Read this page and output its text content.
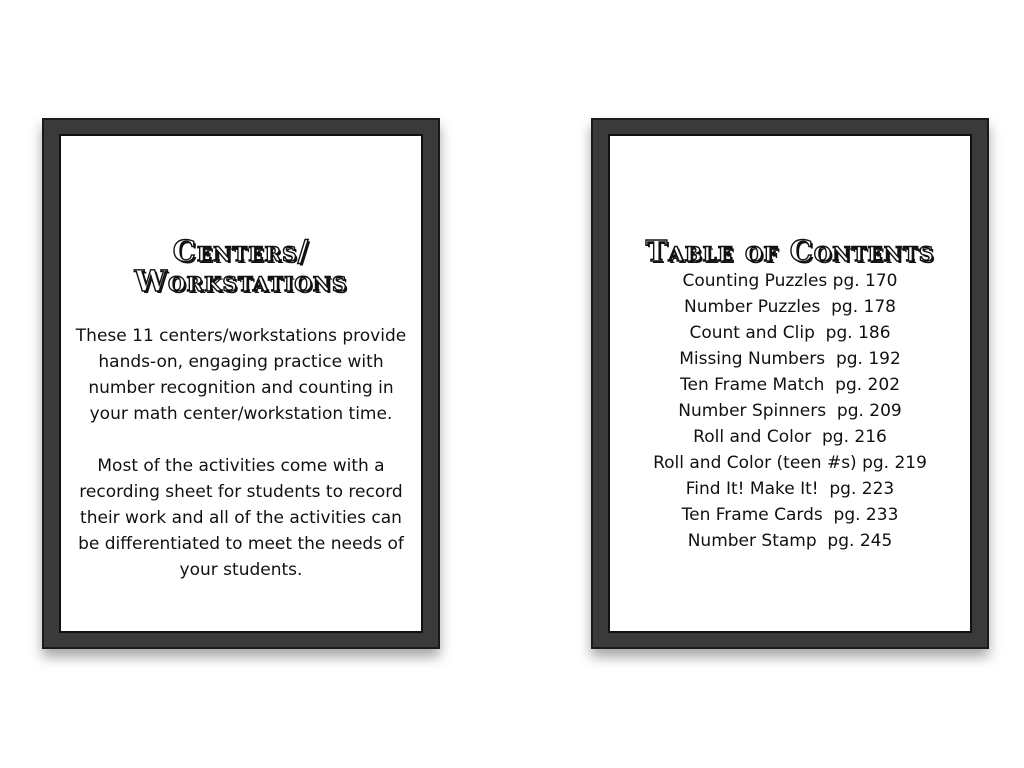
Centers/
Workstations

These 11 centers/workstations provide hands-on, engaging practice with number recognition and counting in your math center/workstation time.

Most of the activities come with a recording sheet for students to record their work and all of the activities can be differentiated to meet the needs of your students.

Table of Contents
Counting Puzzles pg. 170
Number Puzzles  pg. 178
Count and Clip  pg. 186
Missing Numbers  pg. 192
Ten Frame Match  pg. 202
Number Spinners  pg. 209
Roll and Color  pg. 216
Roll and Color (teen #s) pg. 219
Find It! Make It!  pg. 223
Ten Frame Cards  pg. 233
Number Stamp  pg. 245
